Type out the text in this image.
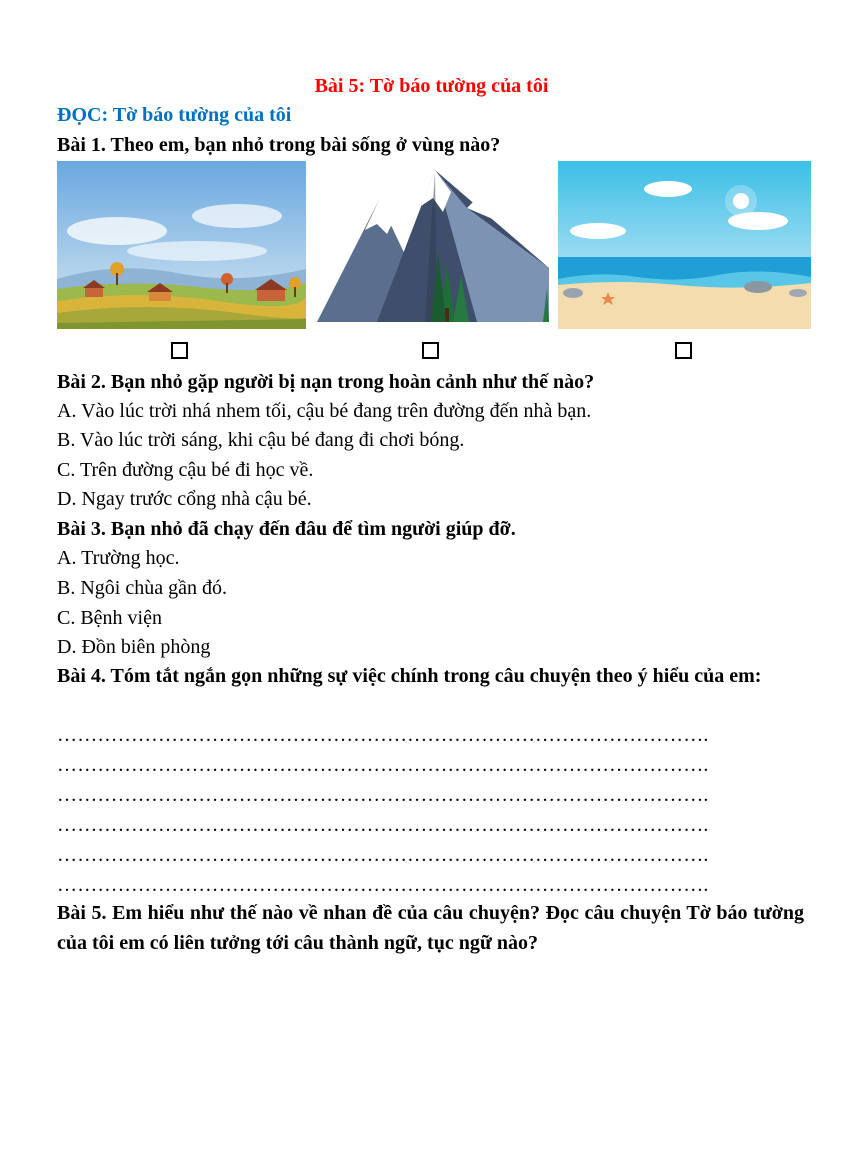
Bài 5: Tờ báo tường của tôi
ĐỌC: Tờ báo tường của tôi
Bài 1. Theo em, bạn nhỏ trong bài sống ở vùng nào?
Bài 2. Bạn nhỏ gặp người bị nạn trong hoàn cảnh như thế nào?
A. Vào lúc trời nhá nhem tối, cậu bé đang trên đường đến nhà bạn.
B. Vào lúc trời sáng, khi cậu bé đang đi chơi bóng.
C. Trên đường cậu bé đi học về.
D. Ngay trước cổng nhà cậu bé.
Bài 3. Bạn nhỏ đã chạy đến đâu để tìm người giúp đỡ.
A. Trường học.
B. Ngôi chùa gần đó.
C. Bệnh viện
D. Đồn biên phòng
Bài 4. Tóm tắt ngắn gọn những sự việc chính trong câu chuyện theo ý hiểu của em:
…………………………………………………………………………………….
…………………………………………………………………………………….
…………………………………………………………………………………….
…………………………………………………………………………………….
…………………………………………………………………………………….
…………………………………………………………………………………….
Bài 5. Em hiểu như thế nào về nhan đề của câu chuyện? Đọc câu chuyện Tờ báo tường của tôi em có liên tưởng tới câu thành ngữ, tục ngữ nào?
